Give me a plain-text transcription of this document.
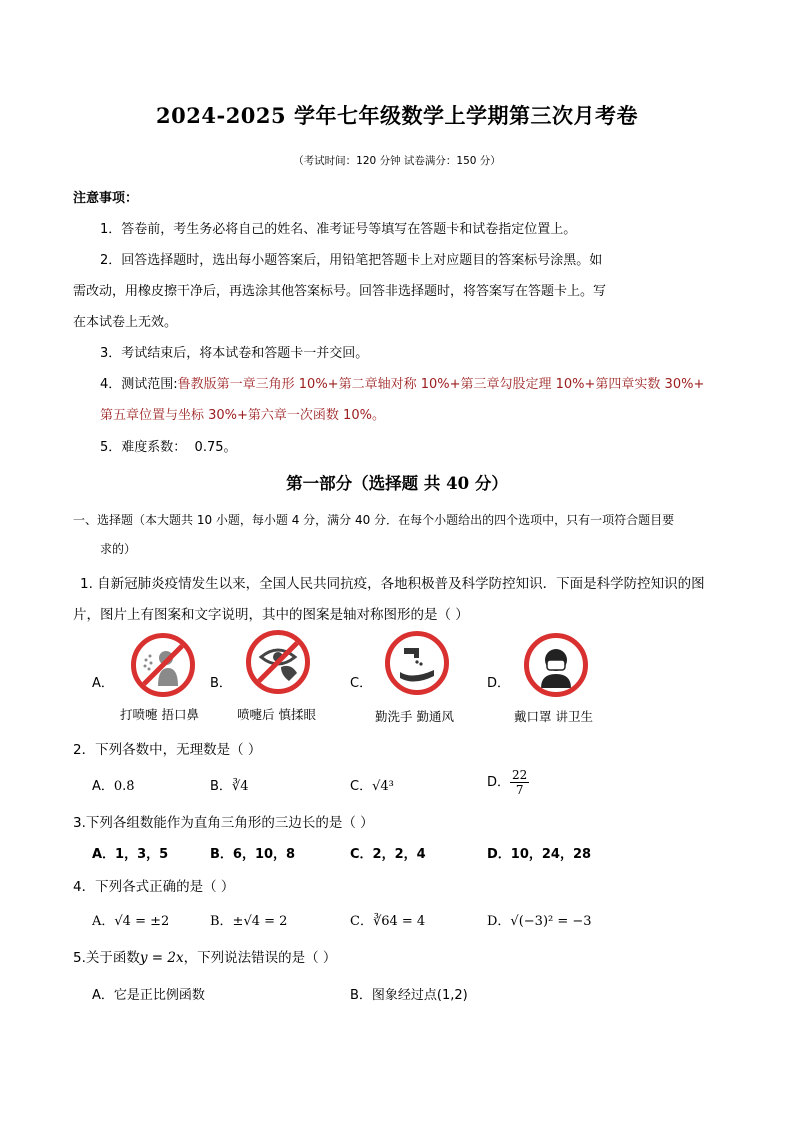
2024-2025 学年七年级数学上学期第三次月考卷
（考试时间：120 分钟 试卷满分：150 分）
注意事项：
1．答卷前，考生务必将自己的姓名、准考证号等填写在答题卡和试卷指定位置上。
2．回答选择题时，选出每小题答案后，用铅笔把答题卡上对应题目的答案标号涂黑。如
需改动，用橡皮擦干净后，再选涂其他答案标号。回答非选择题时，将答案写在答题卡上。写
在本试卷上无效。
3．考试结束后，将本试卷和答题卡一并交回。
4．测试范围:鲁教版第一章三角形 10%+第二章轴对称 10%+第三章勾股定理 10%+第四章实数 30%+
第五章位置与坐标 30%+第六章一次函数 10%。
5．难度系数： 0.75。
第一部分（选择题 共 40 分）
一、选择题（本大题共 10 小题，每小题 4 分，满分 40 分．在每个小题给出的四个选项中，只有一项符合题目要
求的）
1. 自新冠肺炎疫情发生以来，全国人民共同抗疫，各地积极普及科学防控知识．下面是科学防控知识的图
片，图片上有图案和文字说明，其中的图案是轴对称图形的是（ ）
A．
打喷嚏 捂口鼻
B．
喷嚏后 慎揉眼
C．
勤洗手 勤通风
D．
戴口罩 讲卫生
2．下列各数中，无理数是（ ）
A．0.8̇	B．∛4	C．√4³	D． $\frac{22}{7}$
3.下列各组数能作为直角三角形的三边长的是（ ）
A．1，3，5	B．6，10，8	C．2，2，4	D．10，24，28
4．下列各式正确的是（ ）
A．√4 = ±2	B．±√4 = 2	C．∛64 = 4	D．√(−3)² = −3
5.关于函数y = 2x，下列说法错误的是（ ）
A．它是正比例函数	B．图象经过点(1,2)
